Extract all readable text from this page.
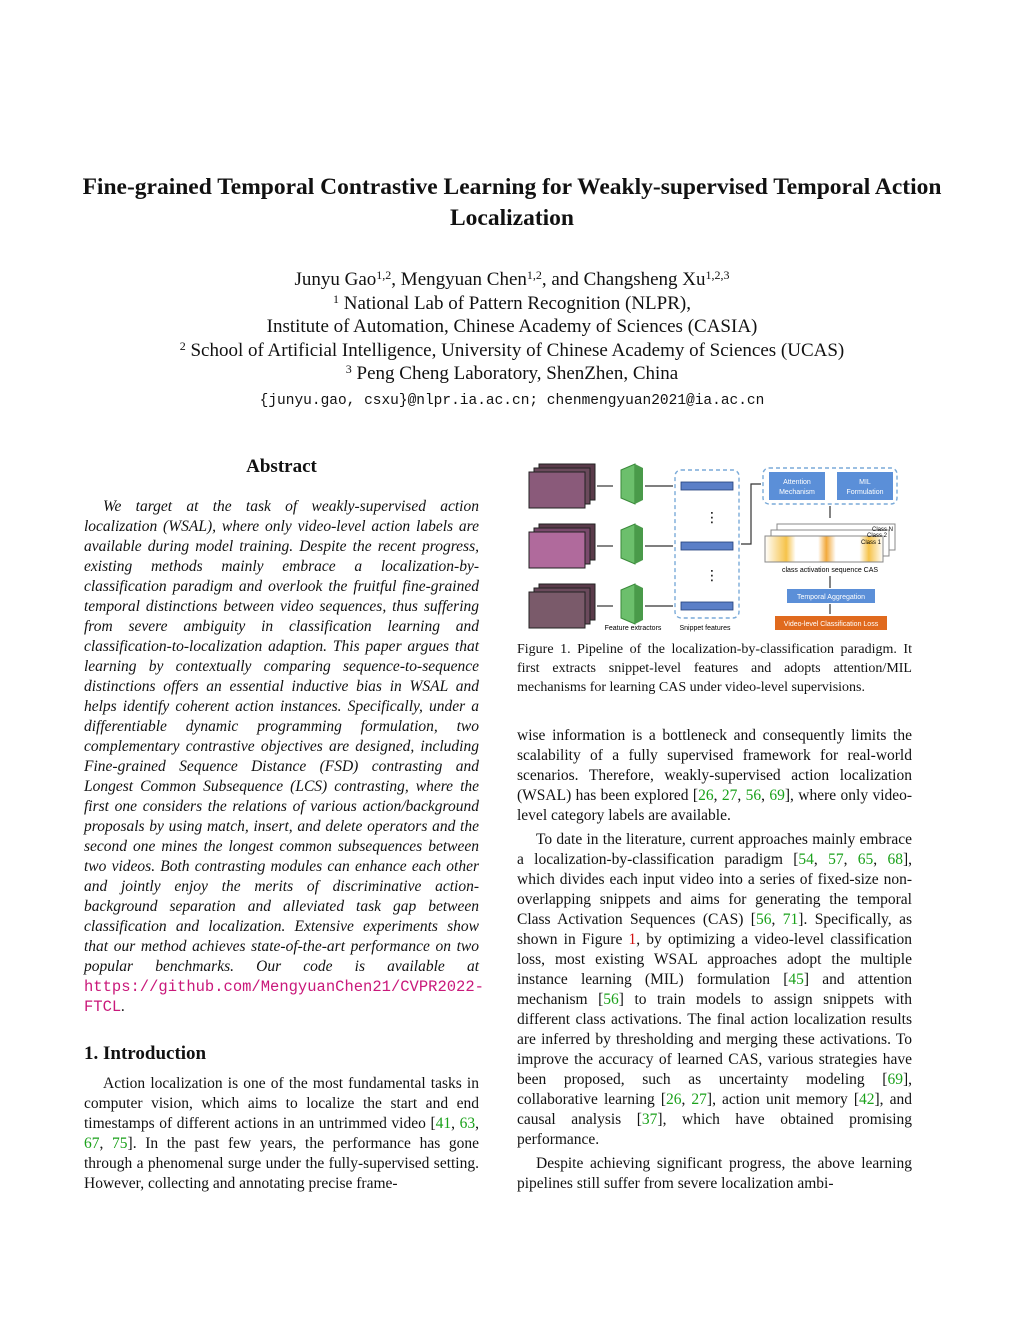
Fine-grained Temporal Contrastive Learning for Weakly-supervised Temporal Action Localization
Junyu Gao$^{1,2}$, Mengyuan Chen$^{1,2}$, and Changsheng Xu$^{1,2,3}$
$^1$ National Lab of Pattern Recognition (NLPR),
Institute of Automation, Chinese Academy of Sciences (CASIA)
$^2$ School of Artificial Intelligence, University of Chinese Academy of Sciences (UCAS)
$^3$ Peng Cheng Laboratory, ShenZhen, China
{junyu.gao, csxu}@nlpr.ia.ac.cn; chenmengyuan2021@ia.ac.cn
Abstract
We target at the task of weakly-supervised action localization (WSAL), where only video-level action labels are available during model training. Despite the recent progress, existing methods mainly embrace a localization-by-classification paradigm and overlook the fruitful fine-grained temporal distinctions between video sequences, thus suffering from severe ambiguity in classification learning and classification-to-localization adaption. This paper argues that learning by contextually comparing sequence-to-sequence distinctions offers an essential inductive bias in WSAL and helps identify coherent action instances. Specifically, under a differentiable dynamic programming formulation, two complementary contrastive objectives are designed, including Fine-grained Sequence Distance (FSD) contrasting and Longest Common Subsequence (LCS) contrasting, where the first one considers the relations of various action/background proposals by using match, insert, and delete operators and the second one mines the longest common subsequences between two videos. Both contrasting modules can enhance each other and jointly enjoy the merits of discriminative action-background separation and alleviated task gap between classification and localization. Extensive experiments show that our method achieves state-of-the-art performance on two popular benchmarks. Our code is available at https://github.com/MengyuanChen21/CVPR2022-FTCL.
1. Introduction

Action localization is one of the most fundamental tasks in computer vision, which aims to localize the start and end timestamps of different actions in an untrimmed video [41, 63, 67, 75]. In the past few years, the performance has gone through a phenomenal surge under the fully-supervised setting. However, collecting and annotating precise frame-

⋮
⋮
Attention
Mechanism
MIL
Formulation
Class N
Class 2
Class 1
class activation sequence CAS
Temporal Aggregation
Video-level Classification Loss
Feature extractors	Snippet features
Figure 1. Pipeline of the localization-by-classification paradigm. It first extracts snippet-level features and adopts attention/MIL mechanisms for learning CAS under video-level supervisions.

wise information is a bottleneck and consequently limits the scalability of a fully supervised framework for real-world scenarios. Therefore, weakly-supervised action localization (WSAL) has been explored [26, 27, 56, 69], where only video-level category labels are available.

To date in the literature, current approaches mainly embrace a localization-by-classification paradigm [54, 57, 65, 68], which divides each input video into a series of fixed-size non-overlapping snippets and aims for generating the temporal Class Activation Sequences (CAS) [56, 71]. Specifically, as shown in Figure 1, by optimizing a video-level classification loss, most existing WSAL approaches adopt the multiple instance learning (MIL) formulation [45] and attention mechanism [56] to train models to assign snippets with different class activations. The final action localization results are inferred by thresholding and merging these activations. To improve the accuracy of learned CAS, various strategies have been proposed, such as uncertainty modeling [69], collaborative learning [26, 27], action unit memory [42], and causal analysis [37], which have obtained promising performance.

Despite achieving significant progress, the above learning pipelines still suffer from severe localization ambi-
